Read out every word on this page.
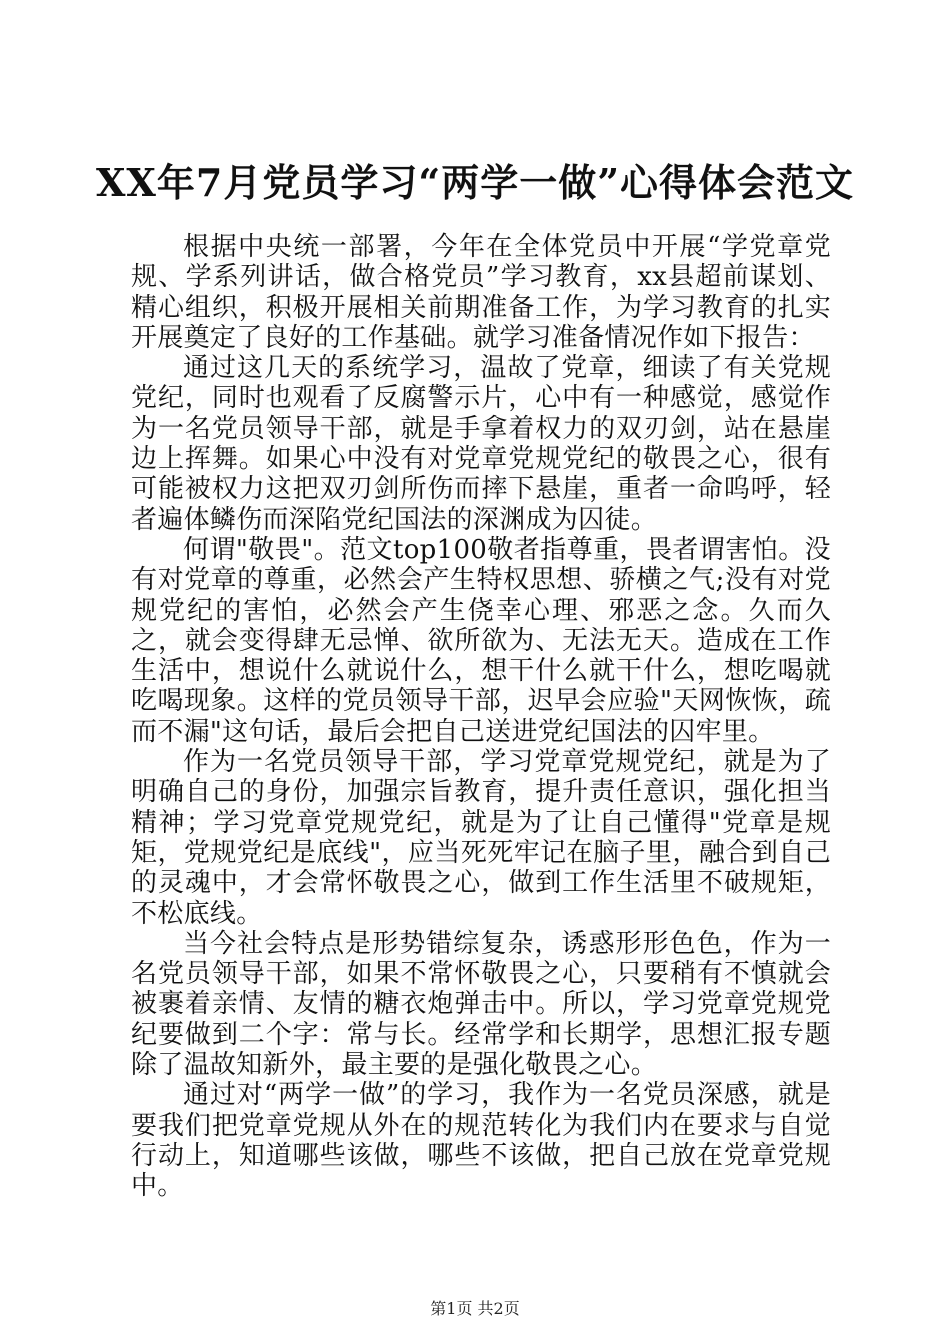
XX年7月党员学习“两学一做”心得体会范文

根据中央统一部署，今年在全体党员中开展“学党章党规、学系列讲话，做合格党员”学习教育，xx县超前谋划、精心组织，积极开展相关前期准备工作，为学习教育的扎实开展奠定了良好的工作基础。就学习准备情况作如下报告：

通过这几天的系统学习，温故了党章，细读了有关党规党纪，同时也观看了反腐警示片，心中有一种感觉，感觉作为一名党员领导干部，就是手拿着权力的双刃剑，站在悬崖边上挥舞。如果心中没有对党章党规党纪的敬畏之心，很有可能被权力这把双刃剑所伤而摔下悬崖，重者一命呜呼，轻者遍体鳞伤而深陷党纪国法的深渊成为囚徒。

何谓"敬畏"。范文top100敬者指尊重，畏者谓害怕。没有对党章的尊重，必然会产生特权思想、骄横之气;没有对党规党纪的害怕，必然会产生侥幸心理、邪恶之念。久而久之，就会变得肆无忌惮、欲所欲为、无法无天。造成在工作生活中，想说什么就说什么，想干什么就干什么，想吃喝就吃喝现象。这样的党员领导干部，迟早会应验"天网恢恢，疏而不漏"这句话，最后会把自己送进党纪国法的囚牢里。

作为一名党员领导干部，学习党章党规党纪，就是为了明确自己的身份，加强宗旨教育，提升责任意识，强化担当精神；学习党章党规党纪，就是为了让自己懂得"党章是规矩，党规党纪是底线"，应当死死牢记在脑子里，融合到自己的灵魂中，才会常怀敬畏之心，做到工作生活里不破规矩，不松底线。

当今社会特点是形势错综复杂，诱惑形形色色，作为一名党员领导干部，如果不常怀敬畏之心，只要稍有不慎就会被裹着亲情、友情的糖衣炮弹击中。所以，学习党章党规党纪要做到二个字：常与长。经常学和长期学，思想汇报专题除了温故知新外，最主要的是强化敬畏之心。

通过对“两学一做”的学习，我作为一名党员深感，就是要我们把党章党规从外在的规范转化为我们内在要求与自觉行动上，知道哪些该做，哪些不该做，把自己放在党章党规中。

第1页 共2页
